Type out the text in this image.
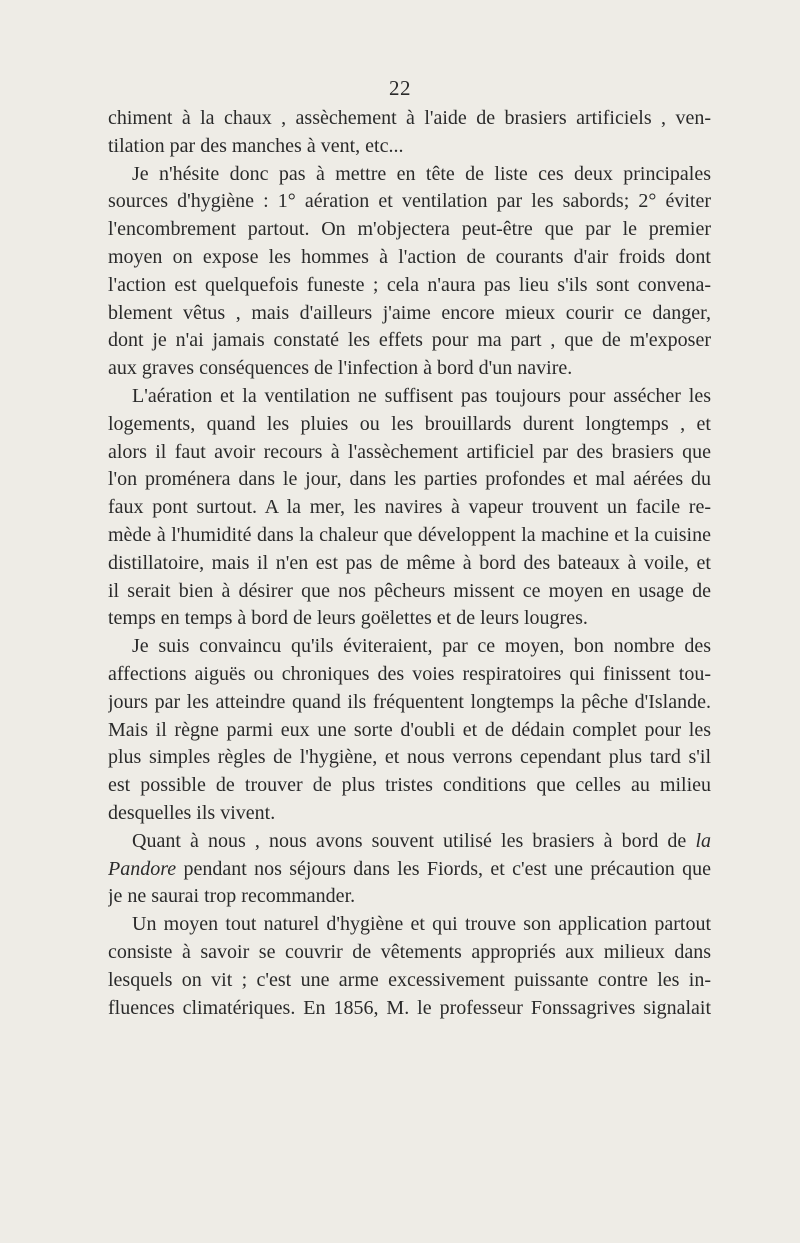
22
chiment à la chaux , assèchement à l'aide de brasiers artificiels , ven-
tilation par des manches à vent, etc...
Je n'hésite donc pas à mettre en tête de liste ces deux principales
sources d'hygiène : 1° aération et ventilation par les sabords; 2° éviter
l'encombrement partout. On m'objectera peut-être que par le premier
moyen on expose les hommes à l'action de courants d'air froids dont
l'action est quelquefois funeste ; cela n'aura pas lieu s'ils sont convena-
blement vêtus , mais d'ailleurs j'aime encore mieux courir ce danger,
dont je n'ai jamais constaté les effets pour ma part , que de m'exposer
aux graves conséquences de l'infection à bord d'un navire.
L'aération et la ventilation ne suffisent pas toujours pour assécher les
logements, quand les pluies ou les brouillards durent longtemps , et
alors il faut avoir recours à l'assèchement artificiel par des brasiers que
l'on proménera dans le jour, dans les parties profondes et mal aérées du
faux pont surtout. A la mer, les navires à vapeur trouvent un facile re-
mède à l'humidité dans la chaleur que développent la machine et la cuisine
distillatoire, mais il n'en est pas de même à bord des bateaux à voile, et
il serait bien à désirer que nos pêcheurs missent ce moyen en usage de
temps en temps à bord de leurs goëlettes et de leurs lougres.
Je suis convaincu qu'ils éviteraient, par ce moyen, bon nombre des
affections aiguës ou chroniques des voies respiratoires qui finissent tou-
jours par les atteindre quand ils fréquentent longtemps la pêche d'Islande.
Mais il règne parmi eux une sorte d'oubli et de dédain complet pour les
plus simples règles de l'hygiène, et nous verrons cependant plus tard s'il
est possible de trouver de plus tristes conditions que celles au milieu
desquelles ils vivent.
Quant à nous , nous avons souvent utilisé les brasiers à bord de la
Pandore pendant nos séjours dans les Fiords, et c'est une précaution que
je ne saurai trop recommander.
Un moyen tout naturel d'hygiène et qui trouve son application partout
consiste à savoir se couvrir de vêtements appropriés aux milieux dans
lesquels on vit ; c'est une arme excessivement puissante contre les in-
fluences climatériques. En 1856, M. le professeur Fonssagrives signalait
